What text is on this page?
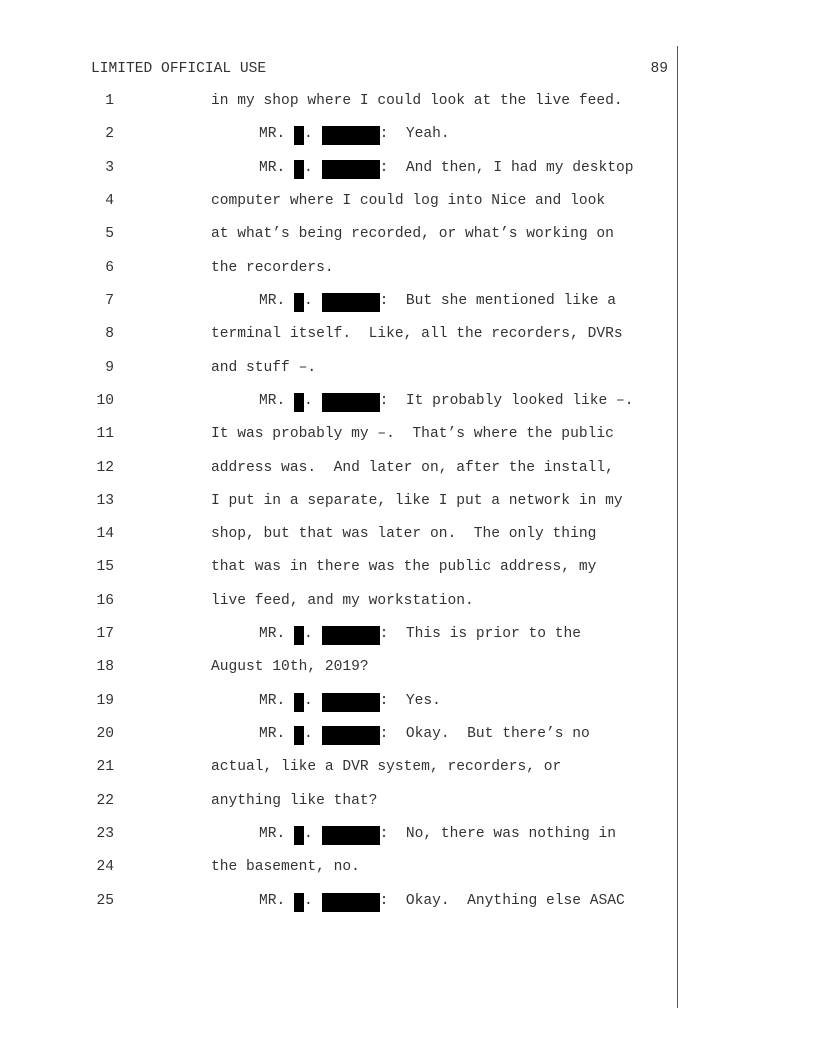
LIMITED OFFICIAL USE	89
1	in my shop where I could look at the live feed.
2	MR. .	: Yeah.
3	MR. .	: And then, I had my desktop
4	computer where I could log into Nice and look
5	at what’s being recorded, or what’s working on
6	the recorders.
7	MR. .	: But she mentioned like a
8	terminal itself.  Like, all the recorders, DVRs
9	and stuff –.
10	MR. .	: It probably looked like –.
11	It was probably my –.  That’s where the public
12	address was.  And later on, after the install,
13	I put in a separate, like I put a network in my
14	shop, but that was later on.  The only thing
15	that was in there was the public address, my
16	live feed, and my workstation.
17	MR. .	: This is prior to the
18	August 10th, 2019?
19	MR. .	: Yes.
20	MR. .	: Okay.  But there’s no
21	actual, like a DVR system, recorders, or
22	anything like that?
23	MR. .	: No, there was nothing in
24	the basement, no.
25	MR. .	: Okay.  Anything else ASAC
